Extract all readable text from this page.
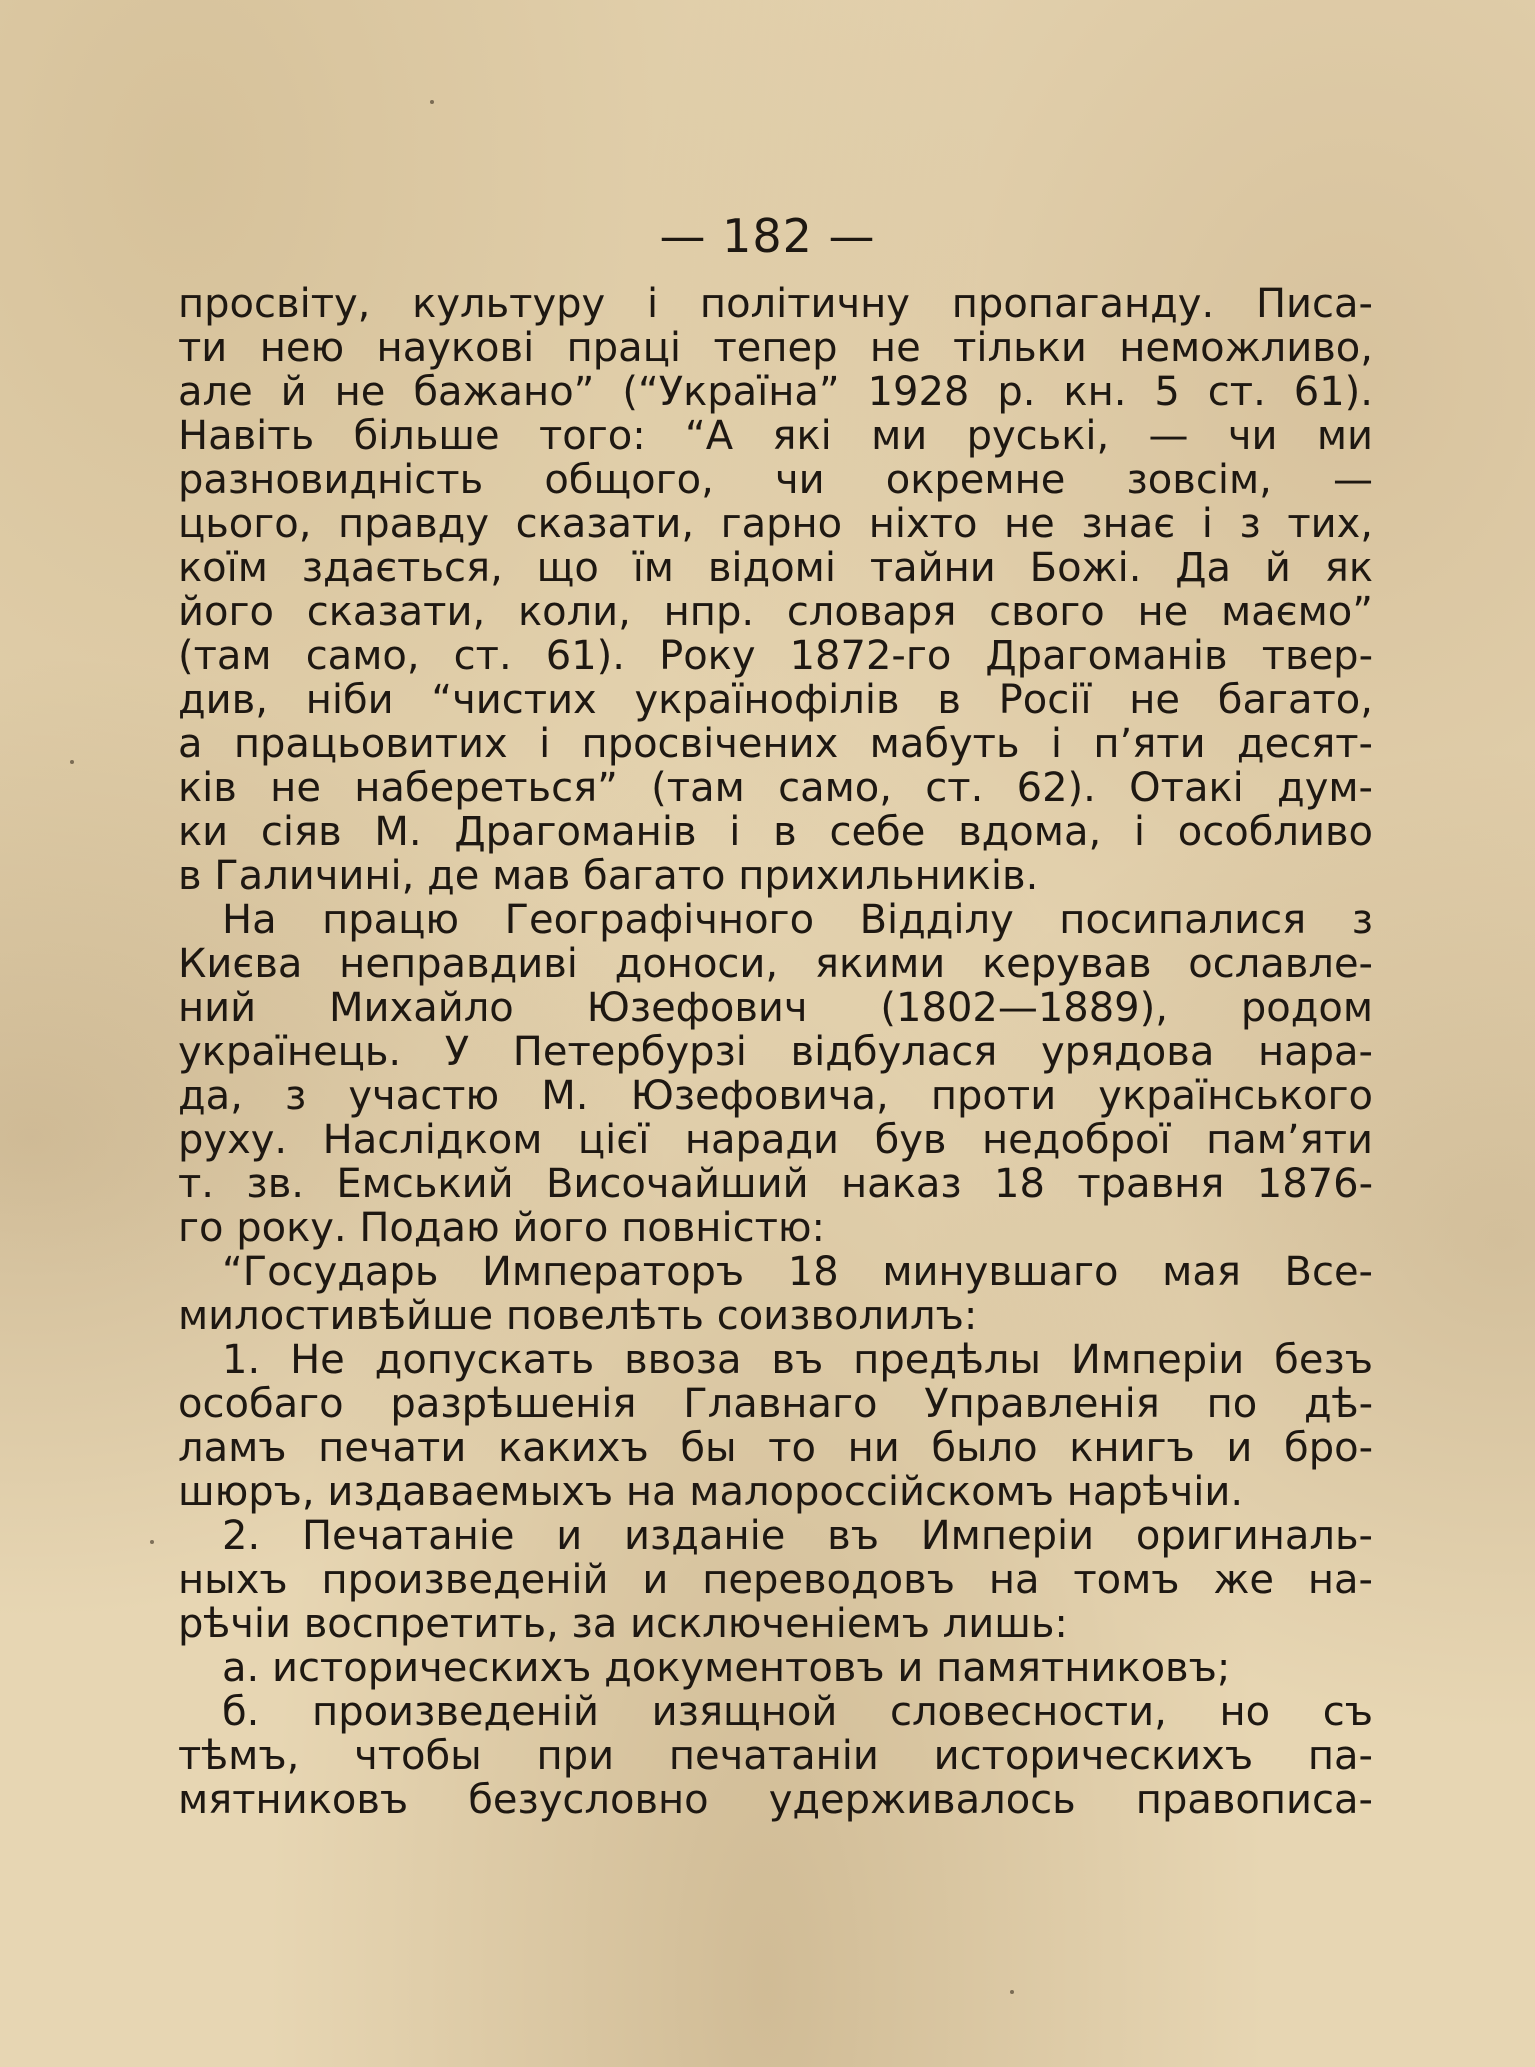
— 182 —
просвіту, культуру і політичну пропаганду. Писа-
ти нею наукові праці тепер не тільки неможливо,
але й не бажано” (“Україна” 1928 р. кн. 5 ст. 61).
Навіть більше того: “А які ми руські, — чи ми
разновидність общого, чи окремне зовсім, —
цього, правду сказати, гарно ніхто не знає і з тих,
коїм здається, що їм відомі тайни Божі. Да й як
його сказати, коли, нпр. словаря свого не маємо”
(там само, ст. 61). Року 1872-го Драгоманів твер-
див, ніби “чистих українофілів в Росії не багато,
а працьовитих і просвічених мабуть і п’яти десят-
ків не набереться” (там само, ст. 62). Отакі дум-
ки сіяв М. Драгоманів і в себе вдома, і особливо
в Галичині, де мав багато прихильників.
На працю Географічного Відділу посипалися з
Києва неправдиві доноси, якими керував ославле-
ний Михайло Юзефович (1802—1889), родом
українець. У Петербурзі відбулася урядова нара-
да, з участю М. Юзефовича, проти українського
руху. Наслідком цієї наради був недоброї пам’яти
т. зв. Емський Височайший наказ 18 травня 1876-
го року. Подаю його повністю:
“Государь Императоръ 18 минувшаго мая Все-
милостивѣйше повелѣть соизволилъ:
1. Не допускать ввоза въ предѣлы Имперіи безъ
особаго разрѣшенія Главнаго Управленія по дѣ-
ламъ печати какихъ бы то ни было книгъ и бро-
шюръ, издаваемыхъ на малороссійскомъ нарѣчіи.
2. Печатаніе и изданіе въ Имперіи оригиналь-
ныхъ произведеній и переводовъ на томъ же на-
рѣчіи воспретить, за исключеніемъ лишь:
а. историческихъ документовъ и памятниковъ;
б. произведеній изящной словесности, но съ
тѣмъ, чтобы при печатаніи историческихъ па-
мятниковъ безусловно удерживалось правописа-
